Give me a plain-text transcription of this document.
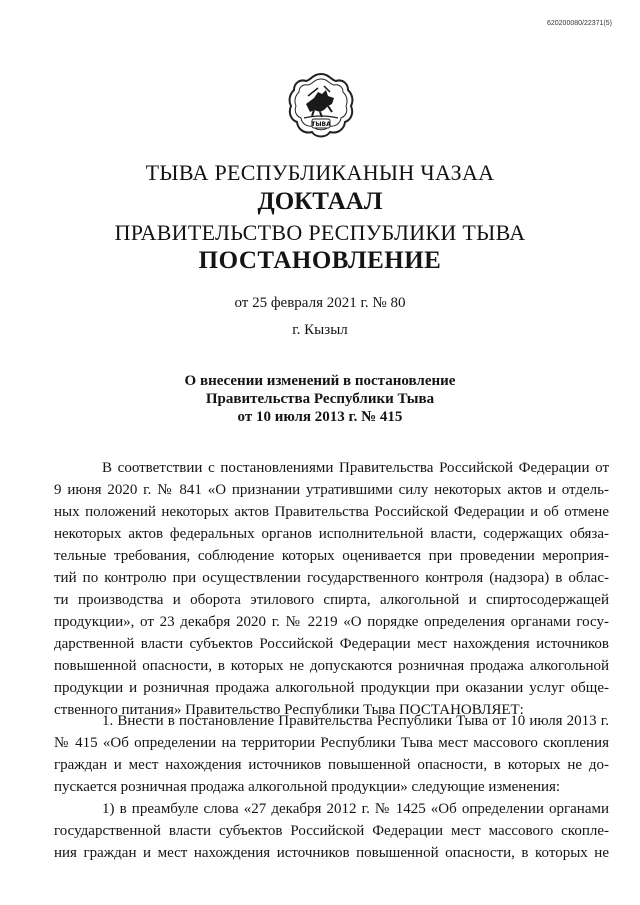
620200080/22371(5)
ТЫВА
ТЫВА РЕСПУБЛИКАНЫН ЧАЗАА
ДОКТААЛ
ПРАВИТЕЛЬСТВО РЕСПУБЛИКИ ТЫВА
ПОСТАНОВЛЕНИЕ
от 25 февраля 2021 г. № 80
г. Кызыл
О внесении изменений в постановление
Правительства Республики Тыва
от 10 июля 2013 г. № 415
В соответствии с постановлениями Правительства Российской Федерации от
9 июня 2020 г. № 841 «О признании утратившими силу некоторых актов и отдель-
ных положений некоторых актов Правительства Российской Федерации и об отмене
некоторых актов федеральных органов исполнительной власти, содержащих обяза-
тельные требования, соблюдение которых оценивается при проведении мероприя-
тий по контролю при осуществлении государственного контроля (надзора) в облас-
ти производства и оборота этилового спирта, алкогольной и спиртосодержащей
продукции», от 23 декабря 2020 г. № 2219 «О порядке определения органами госу-
дарственной власти субъектов Российской Федерации мест нахождения источников
повышенной опасности, в которых не допускаются розничная продажа алкогольной
продукции и розничная продажа алкогольной продукции при оказании услуг обще-
ственного питания» Правительство Республики Тыва ПОСТАНОВЛЯЕТ:
1. Внести в постановление Правительства Республики Тыва от 10 июля 2013 г.
№ 415 «Об определении на территории Республики Тыва мест массового скопления
граждан и мест нахождения источников повышенной опасности, в которых не до-
пускается розничная продажа алкогольной продукции» следующие изменения:
1) в преамбуле слова «27 декабря 2012 г. № 1425 «Об определении органами
государственной власти субъектов Российской Федерации мест массового скопле-
ния граждан и мест нахождения источников повышенной опасности, в которых не
